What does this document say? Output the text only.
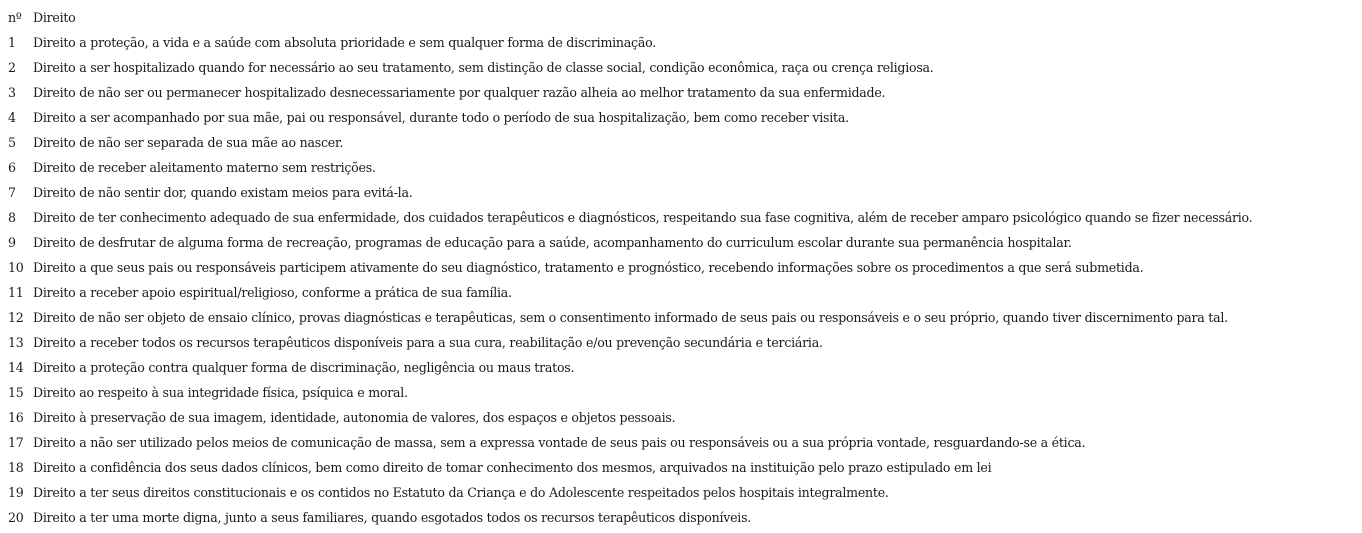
nº	Direito
1	Direito a proteção, a vida e a saúde com absoluta prioridade e sem qualquer forma de discriminação.
2	Direito a ser hospitalizado quando for necessário ao seu tratamento, sem distinção de classe social, condição econômica, raça ou crença religiosa.
3	Direito de não ser ou permanecer hospitalizado desnecessariamente por qualquer razão alheia ao melhor tratamento da sua enfermidade.
4	Direito a ser acompanhado por sua mãe, pai ou responsável, durante todo o período de sua hospitalização, bem como receber visita.
5	Direito de não ser separada de sua mãe ao nascer.
6	Direito de receber aleitamento materno sem restrições.
7	Direito de não sentir dor, quando existam meios para evitá-la.
8	Direito de ter conhecimento adequado de sua enfermidade, dos cuidados terapêuticos e diagnósticos, respeitando sua fase cognitiva, além de receber amparo psicológico quando se fizer necessário.
9	Direito de desfrutar de alguma forma de recreação, programas de educação para a saúde, acompanhamento do curriculum escolar durante sua permanência hospitalar.
10	Direito a que seus pais ou responsáveis participem ativamente do seu diagnóstico, tratamento e prognóstico, recebendo informações sobre os procedimentos a que será submetida.
11	Direito a receber apoio espiritual/religioso, conforme a prática de sua família.
12	Direito de não ser objeto de ensaio clínico, provas diagnósticas e terapêuticas, sem o consentimento informado de seus pais ou responsáveis e o seu próprio, quando tiver discernimento para tal.
13	Direito a receber todos os recursos terapêuticos disponíveis para a sua cura, reabilitação e/ou prevenção secundária e terciária.
14	Direito a proteção contra qualquer forma de discriminação, negligência ou maus tratos.
15	Direito ao respeito à sua integridade física, psíquica e moral.
16	Direito à preservação de sua imagem, identidade, autonomia de valores, dos espaços e objetos pessoais.
17	Direito a não ser utilizado pelos meios de comunicação de massa, sem a expressa vontade de seus pais ou responsáveis ou a sua própria vontade, resguardando-se a ética.
18	Direito a confidência dos seus dados clínicos, bem como direito de tomar conhecimento dos mesmos, arquivados na instituição pelo prazo estipulado em lei
19	Direito a ter seus direitos constitucionais e os contidos no Estatuto da Criança e do Adolescente respeitados pelos hospitais integralmente.
20	Direito a ter uma morte digna, junto a seus familiares, quando esgotados todos os recursos terapêuticos disponíveis.
